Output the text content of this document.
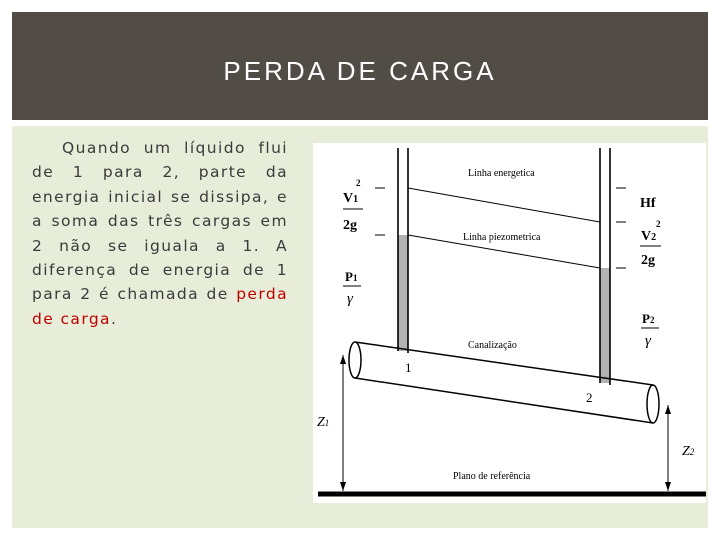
PERDA DE CARGA

Quando um líquido flui de 1 para 2, parte da energia inicial se dissipa, e a soma das três cargas em 2 não se iguala a 1. A diferença de energia de 1 para 2 é chamada de perda de carga.

Plano de referência
Linha energetica
Linha piezometrica
Canalização
1
2
V1
2
2g
P1
γ
Hf
V2
2
2g
P2
γ
Z1
Z2
